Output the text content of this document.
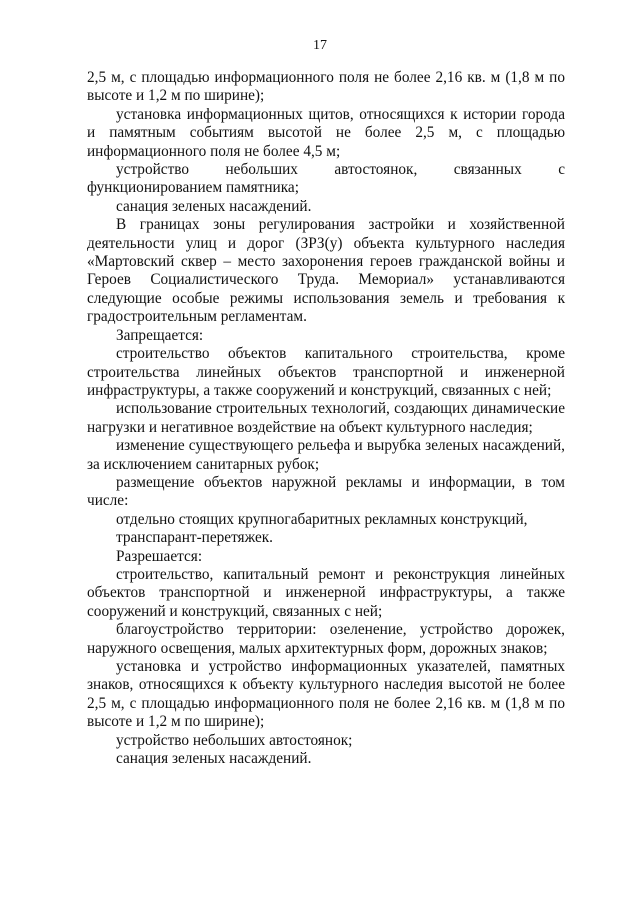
17

2,5 м, с площадью информационного поля не более 2,16 кв. м (1,8 м по высоте и 1,2 м по ширине);

установка информационных щитов, относящихся к истории города и памятным событиям высотой не более 2,5 м, с площадью информационного поля не более 4,5 м;

устройство небольших автостоянок, связанных с функционированием памятника;

санация зеленых насаждений.

В границах зоны регулирования застройки и хозяйственной деятельности улиц и дорог (ЗРЗ(у) объекта культурного наследия «Мартовский сквер – место захоронения героев гражданской войны и Героев Социалистического Труда. Мемориал» устанавливаются следующие особые режимы использования земель и требования к градостроительным регламентам.

Запрещается:

строительство объектов капитального строительства, кроме строительства линейных объектов транспортной и инженерной инфраструктуры, а также сооружений и конструкций, связанных с ней;

использование строительных технологий, создающих динамические нагрузки и негативное воздействие на объект культурного наследия;

изменение существующего рельефа и вырубка зеленых насаждений, за исключением санитарных рубок;

размещение объектов наружной рекламы и информации, в том числе:

отдельно стоящих крупногабаритных рекламных конструкций,

транспарант-перетяжек.

Разрешается:

строительство, капитальный ремонт и реконструкция линейных объектов транспортной и инженерной инфраструктуры, а также сооружений и конструкций, связанных с ней;

благоустройство территории: озеленение, устройство дорожек, наружного освещения, малых архитектурных форм, дорожных знаков;

установка и устройство информационных указателей, памятных знаков, относящихся к объекту культурного наследия высотой не более 2,5 м, с площадью информационного поля не более 2,16 кв. м (1,8 м по высоте и 1,2 м по ширине);

устройство небольших автостоянок;

санация зеленых насаждений.
